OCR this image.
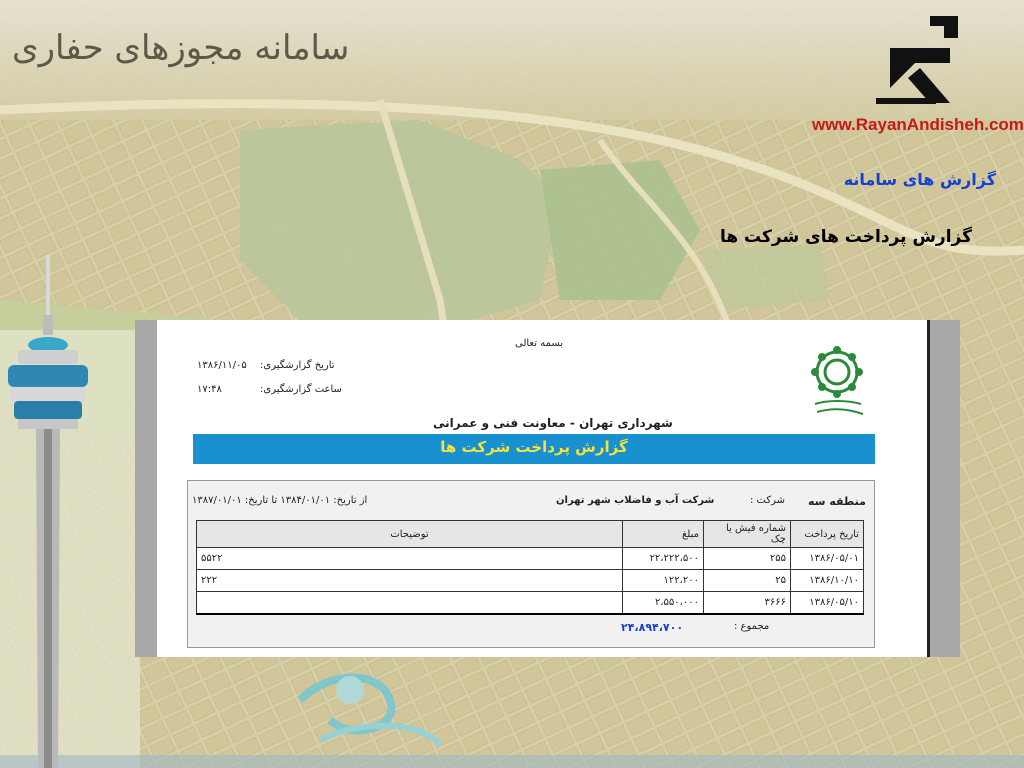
سامانه مجوزهای حفاری
www.RayanAndisheh.com
گزارش های سامانه
گزارش پرداخت های شرکت ها
بسمه تعالی
تاریخ گزارشگیری:
۱۳۸۶/۱۱/۰۵
ساعت گزارشگیری:
۱۷:۴۸
شهرداری تهران - معاونت فنی و عمرانی
گزارش پرداخت شرکت ها
منطقه سه
شرکت :
شرکت آب و فاضلاب شهر تهران
از تاریخ: ۱۳۸۴/۰۱/۰۱ تا تاریخ: ۱۳۸۷/۰۱/۰۱
تاریخ پرداخت	شماره فیش یا چک	مبلغ	توضیحات
۱۳۸۶/۰۵/۰۱	۲۵۵	۲۲،۲۲۲،۵۰۰	۵۵۲۲
۱۳۸۶/۱۰/۱۰	۲۵	۱۲۲،۲۰۰	۲۲۲
۱۳۸۶/۰۵/۱۰	۳۶۶۶	۲،۵۵۰،۰۰۰	
مجموع :
۲۴،۸۹۴،۷۰۰
